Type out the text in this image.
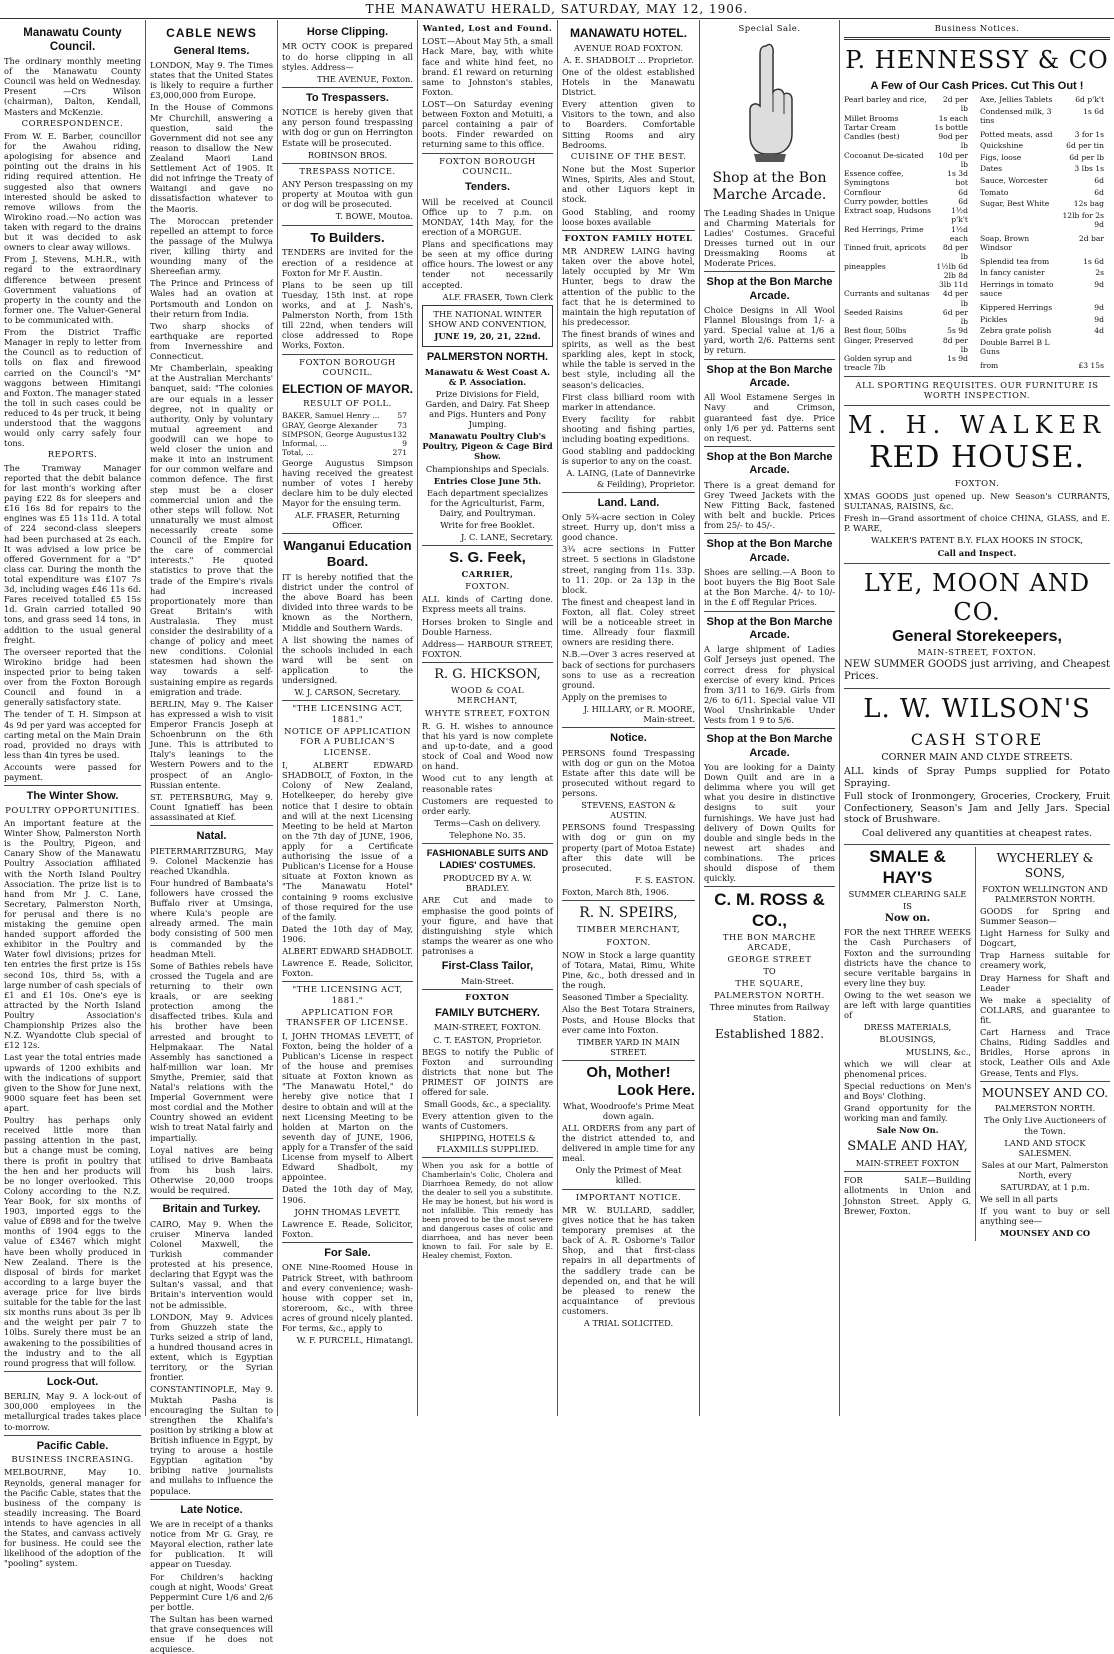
THE MANAWATU HERALD, SATURDAY, MAY 12, 1906.
Manawatu County Council.

The ordinary monthly meeting of the Manawatu County Council was held on Wednesday. Present —Crs Wilson (chairman), Dalton, Kendall, Masters and McKenzie.

CORRESPONDENCE.

From W. E. Barber, councillor for the Awahou riding, apologising for absence and pointing out the drains in his riding required attention. He suggested also that owners interested should be asked to remove willows from the Wirokino road.—No action was taken with regard to the drains but it was decided to ask owners to clear away willows.

From J. Stevens, M.H.R., with regard to the extraordinary difference between present Government valuations of property in the county and the former one. The Valuer-General to be communicated with.

From the District Traffic Manager in reply to letter from the Council as to reduction of tolls on flax and firewood carried on the Council's "M" waggons between Himitangi and Foxton. The manager stated the toll in such cases could be reduced to 4s per truck, it being understood that the waggons would only carry safely four tons.

REPORTS.

The Tramway Manager reported that the debit balance for last month's working after paying £22 8s for sleepers and £16 16s 8d for repairs to the engines was £5 11s 11d. A total of 224 second-class sleepers had been purchased at 2s each. It was advised a low price be offered Government for a "D" class car. During the month the total expenditure was £107 7s 3d, including wages £46 11s 6d. Fares received totalled £5 15s 1d. Grain carried totalled 90 tons, and grass seed 14 tons, in addition to the usual general freight.

The overseer reported that the Wirokino bridge had been inspected prior to being taken over from the Foxton Borough Council and found in a generally satisfactory state.

The tender of T. H. Simpson at 4s 9d per yard was accepted for carting metal on the Main Drain road, provided no drays with less than 4in tyres be used.

Accounts were passed for payment.

The Winter Show.
POULTRY OPPORTUNITIES.

An important feature at the Winter Show, Palmerston North is the Poultry, Pigeon, and Canary Show of the Manawatu Poultry Association affiliated with the North Island Poultry Association. The prize list is to hand from Mr J. C. Lane, Secretary, Palmerston North, for perusal and there is no mistaking the genuine open handed support afforded the exhibitor in the Poultry and Water fowl divisions; prizes for ten entries the first prize is 15s second 10s, third 5s, with a large number of cash specials of £1 and £1 10s. One's eye is attracted by the North Island Poultry Association's Championship Prizes also the N.Z. Wyandotte Club special of £12 12s.

Last year the total entries made upwards of 1200 exhibits and with the indications of support given to the Show for June next, 9000 square feet has been set apart.

Poultry has perhaps only received little more than passing attention in the past, but a change must be coming, there is profit in poultry that the hen and her products will be no longer overlooked. This Colony according to the N.Z. Year Book, for six months of 1903, imported eggs to the value of £898 and for the twelve months of 1904 eggs to the value of £3467 which might have been wholly produced in New Zealand. There is the disposal of birds for market according to a large buyer the average price for live birds suitable for the table for the last six months runs about 3s per lb and the weight per pair 7 to 10lbs. Surely there must be an awakening to the possibilities of the industry and to the all round progress that will follow.

Lock-Out.

BERLIN, May 9. A lock-out of 300,000 employees in the metallurgical trades takes place to-morrow.

Pacific Cable.
BUSINESS INCREASING.

MELBOURNE, May 10. Reynolds, general manager for the Pacific Cable, states that the business of the company is steadily increasing. The Board intends to have agencies in all the States, and canvass actively for business. He could see the likelihood of the adoption of the "pooling" system.

CABLE NEWS
General Items.

LONDON, May 9. The Times states that the United States is likely to require a further £3,000,000 from Europe.

In the House of Commons Mr Churchill, answering a question, said the Government did not see any reason to disallow the New Zealand Maori Land Settlement Act of 1905. It did not infringe the Treaty of Waitangi and gave no dissatisfaction whatever to the Maoris.

The Moroccan pretender repelled an attempt to force the passage of the Mulwya river, killing thirty and wounding many of the Shereefian army.

The Prince and Princess of Wales had an ovation at Portsmouth and London on their return from India.

Two sharp shocks of earthquake are reported from Invernesshire and Connecticut.

Mr Chamberlain, speaking at the Australian Merchants' banquet, said: "The colonies are our equals in a lesser degree, not in quality or authority. Only by voluntary mutual agreement and goodwill can we hope to weld closer the union and make it into an instrument for our common welfare and common defence. The first step must be a closer commercial union and the other steps will follow. Not unnaturally we must almost necessarily create some Council of the Empire for the care of commercial interests." He quoted statistics to prove that the trade of the Empire's rivals had increased proportionately more than Great Britain's with Australasia. They must consider the desirability of a change of policy and meet new conditions. Colonial statesmen had shown the way towards a self-sustaining empire as regards emigration and trade.

BERLIN, May 9. The Kaiser has expressed a wish to visit Emperor Francis Joseph at Schoenbrunn on the 6th June. This is attributed to Italy's leanings to the Western Powers and to the prospect of an Anglo-Russian entente.

ST. PETERSBURG, May 9. Count Ignatieff has been assassinated at Kief.

Natal.

PIETERMARITZBURG, May 9. Colonel Mackenzie has reached Ukandhla.

Four hundred of Bambaata's followers have crossed the Buffalo river at Umsinga, where Kula's people are already armed. The main body consisting of 500 men is commanded by the headman Mteli.

Some of Bathies rebels have crossed the Tugela and are returning to their own kraals, or are seeking protection among the disaffected tribes. Kula and his brother have been arrested and brought to Helpmakaar. The Natal Assembly has sanctioned a half-million war loan. Mr Smythe, Premier, said that Natal's relations with the Imperial Government were most cordial and the Mother Country showed an evident wish to treat Natal fairly and impartially.

Loyal natives are being utilised to drive Bambaata from his bush lairs. Otherwise 20,000 troops would be required.

Britain and Turkey.

CAIRO, May 9. When the cruiser Minerva landed Colonel Maxwell, the Turkish commander protested at his presence, declaring that Egypt was the Sultan's vassal, and that Britain's intervention would not be admissible.

LONDON, May 9. Advices from Ghuzzeh state the Turks seized a strip of land, a hundred thousand acres in extent, which is Egyptian territory, or the Syrian frontier.

CONSTANTINOPLE, May 9. Muktah Pasha is encouraging the Sultan to strengthen the Khalifa's position by striking a blow at British influence in Egypt, by trying to arouse a hostile Egyptian agitation "by bribing native journalists and mullahs to influence the populace.

Late Notice.

We are in receipt of a thanks notice from Mr G. Gray, re Mayoral election, rather late for publication. It will appear on Tuesday.

For Children's hacking cough at night, Woods' Great Peppermint Cure 1/6 and 2/6 per bottle.

The Sultan has been warned that grave consequences will ensue if he does not acquiesce.

Horse Clipping.

MR OCTY COOK is prepared to do horse clipping in all styles. Address—

THE AVENUE, Foxton.

To Trespassers.

NOTICE is hereby given that any person found trespassing with dog or gun on Herrington Estate will be prosecuted.

ROBINSON BROS.

TRESPASS NOTICE.

ANY Person trespassing on my property at Moutoa with gun or dog will be prosecuted.

T. BOWE, Moutoa.

To Builders.

TENDERS are invited for the erection of a residence at Foxton for Mr F. Austin.

Plans to be seen up till Tuesday, 15th inst. at rope works, and at J. Nash's, Palmerston North, from 15th till 22nd, when tenders will close addressed to Rope Works, Foxton.

FOXTON BOROUGH COUNCIL.
ELECTION OF MAYOR.
RESULT OF POLL.
BAKER, Samuel Henry ...	57
GRAY, George Alexander	73
SIMPSON, George Augustus	132
Informal, ...	9
Total, ...	271

George Augustus Simpson having received the greatest number of votes I hereby declare him to be duly elected Mayor for the ensuing term.

ALF. FRASER, Returning Officer.

Wanganui Education Board.

IT is hereby notified that the district under the control of the above Board has been divided into three wards to be known as the Northern, Middle and Southern Wards.

A list showing the names of the schools included in each ward will be sent on application to the undersigned.

W. J. CARSON, Secretary.

"THE LICENSING ACT, 1881."
NOTICE OF APPLICATION FOR A PUBLICAN'S LICENSE.

I, ALBERT EDWARD SHADBOLT, of Foxton, in the Colony of New Zealand, Hotelkeeper, do hereby give notice that I desire to obtain and will at the next Licensing Meeting to be held at Marton on the 7th day of JUNE, 1906, apply for a Certificate authorising the issue of a Publican's License for a House situate at Foxton known as "The Manawatu Hotel" containing 9 rooms exclusive of those required for the use of the family.

Dated the 10th day of May, 1906.

ALBERT EDWARD SHADBOLT.

Lawrence E. Reade, Solicitor, Foxton.

"THE LICENSING ACT, 1881."
APPLICATION FOR TRANSFER OF LICENSE.

I, JOHN THOMAS LEVETT, of Foxton, being the holder of a Publican's License in respect of the house and premises situate at Foxton known as "The Manawatu Hotel," do hereby give notice that I desire to obtain and will at the next Licensing Meeting to be holden at Marton on the seventh day of JUNE, 1906, apply for a Transfer of the said License from myself to Albert Edward Shadbolt, my appointee.

Dated the 10th day of May, 1906.

JOHN THOMAS LEVETT.

Lawrence E. Reade, Solicitor, Foxton.

For Sale.

ONE Nine-Roomed House in Patrick Street, with bathroom and every convenience; wash-house with copper set in, storeroom, &c., with three acres of ground nicely planted. For terms, &c., apply to

W. F. PURCELL, Himatangi.

Wanted, Lost and Found.

LOST.—About May 5th, a small Hack Mare, bay, with white face and white hind feet, no brand. £1 reward on returning same to Johnston's stables, Foxton.

LOST—On Saturday evening between Foxton and Motuiti, a parcel containing a pair of boots. Finder rewarded on returning same to this office.

FOXTON BOROUGH COUNCIL.
Tenders.

Will be received at Council Office up to 7 p.m. on MONDAY, 14th May, for the erection of a MORGUE.

Plans and specifications may be seen at my office during office hours. The lowest or any tender not necessarily accepted.

ALF. FRASER, Town Clerk

THE NATIONAL WINTER SHOW AND CONVENTION,

JUNE 19, 20, 21, 22nd.

PALMERSTON NORTH.

Manawatu & West Coast A. & P. Association.

Prize Divisions for Field, Garden, and Dairy. Fat Sheep and Pigs. Hunters and Pony Jumping.

Manawatu Poultry Club's Poultry, Pigeon & Cage Bird Show.

Championships and Specials.

Entries Close June 5th.

Each department specializes for the Agriculturist, Farm, Dairy, and Poultryman.

Write for free Booklet.

J. C. LANE, Secretary.

S. G. Feek,
CARRIER,
FOXTON.

ALL kinds of Carting done. Express meets all trains.

Horses broken to Single and Double Harness.

Address— HARBOUR STREET, FOXTON.

R. G. HICKSON,
WOOD & COAL MERCHANT,
WHYTE STREET, FOXTON

R. G. H. wishes to announce that his yard is now complete and up-to-date, and a good stock of Coal and Wood now on hand.

Wood cut to any length at reasonable rates

Customers are requested to order early.

Terms—Cash on delivery.

Telephone No. 35.

FASHIONABLE SUITS AND LADIES' COSTUMES.

PRODUCED BY A. W. BRADLEY.

ARE Cut and made to emphasise the good points of your figure, and have that distinguishing style which stamps the wearer as one who patronises a

First-Class Tailor,

Main-Street.

FOXTON
FAMILY BUTCHERY.

MAIN-STREET, FOXTON.

C. T. EASTON, Proprietor.

BEGS to notify the Public of Foxton and surrounding districts that none but The PRIMEST OF JOINTS are offered for sale.

Small Goods, &c., a speciality.

Every attention given to the wants of Customers.

SHIPPING, HOTELS & FLAXMILLS SUPPLIED.

When you ask for a bottle of Chamberlain's Colic, Cholera and Diarrhoea Remedy, do not allow the dealer to sell you a substitute. He may be honest, but his word is not infallible. This remedy has been proved to be the most severe and dangerous cases of colic and diarrhoea, and has never been known to fail. For sale by E. Healey chemist, Foxton.

MANAWATU HOTEL.

AVENUE ROAD FOXTON.

A. E. SHADBOLT ... Proprietor.

One of the oldest established Hotels in the Manawatu District.

Every attention given to Visitors to the town, and also to Boarders. Comfortable Sitting Rooms and airy Bedrooms.

CUISINE OF THE BEST.

None but the Most Superior Wines, Spirits, Ales and Stout, and other Liquors kept in stock.

Good Stabling, and roomy loose boxes available

FOXTON FAMILY HOTEL

MR ANDREW LAING having taken over the above hotel, lately occupied by Mr Wm Hunter, begs to draw the attention of the public to the fact that he is determined to maintain the high reputation of his predecessor.

The finest brands of wines and spirits, as well as the best sparkling ales, kept in stock, while the table is served in the best style, including all the season's delicacies.

First class billiard room with marker in attendance.

Every facility for rabbit shooting and fishing parties, including boating expeditions.

Good stabling and paddocking is superior to any on the coast.

A. LAING, (Late of Dannevirke & Feilding), Proprietor.

Land. Land.

Only 5¾-acre section in Coley street. Hurry up, don't miss a good chance.

3¾ acre sections in Futter street. 5 sections in Gladstone street, ranging from 11s. 33p. to 11. 20p. or 2a 13p in the block.

The finest and cheapest land in Foxton, all flat. Coley street will be a noticeable street in time. Allready four flaxmill owners are residing there.

N.B.—Over 3 acres reserved at back of sections for purchasers sons to use as a recreation ground.

Apply on the premises to

J. HILLARY, or R. MOORE, Main-street.

Notice.

PERSONS found Trespassing with dog or gun on the Motoa Estate after this date will be prosecuted without regard to persons.

STEVENS, EASTON & AUSTIN.

PERSONS found Trespassing with dog or gun on my property (part of Motoa Estate) after this date will be prosecuted.

F. S. EASTON.

Foxton, March 8th, 1906.

R. N. SPEIRS,
TIMBER MERCHANT,
FOXTON.

NOW in Stock a large quantity of Totara, Matai, Rimu, White Pine, &c., both dressed and in the rough.

Seasoned Timber a Speciality.

Also the Best Totara Strainers, Posts, and House Blocks that ever came into Foxton.

TIMBER YARD IN MAIN STREET.

Oh, Mother!
Look Here.

What, Woodroofe's Prime Meat down again.

ALL ORDERS from any part of the district attended to, and delivered in ample time for any meal.

Only the Primest of Meat killed.

IMPORTANT NOTICE.

MR W. BULLARD, saddler, gives notice that he has taken temporary premises at the back of A. R. Osborne's Tailor Shop, and that first-class repairs in all departments of the saddlery trade can be depended on, and that he will be pleased to renew the acquaintance of previous customers.

A TRIAL SOLICITED.

Special Sale.
Shop at the Bon Marche Arcade.

The Leading Shades in Unique and Charming Materials for Ladies' Costumes. Graceful Dresses turned out in our Dressmaking Rooms at Moderate Prices.

Shop at the Bon Marche Arcade.

Choice Designs in All Wool Flannel Blousings from 1/- a yard. Special value at 1/6 a yard, worth 2/6. Patterns sent by return.

Shop at the Bon Marche Arcade.

All Wool Estamene Serges in Navy and Crimson, guaranteed fast dye. Price only 1/6 per yd. Patterns sent on request.

Shop at the Bon Marche Arcade.

There is a great demand for Grey Tweed Jackets with the New Fitting Back, fastened with belt and buckle. Prices from 25/- to 45/-.

Shop at the Bon Marche Arcade.

Shoes are selling.—A Boon to boot buyers the Big Boot Sale at the Bon Marche. 4/- to 10/- in the £ off Regular Prices.

Shop at the Bon Marche Arcade.

A large shipment of Ladies Golf Jerseys just opened. The correct dress for physical exercise of every kind. Prices from 3/11 to 16/9. Girls from 2/6 to 6/11. Special value VII Wool Unshrinkable Under Vests from 1 9 to 5/6.

Shop at the Bon Marche Arcade.

You are looking for a Dainty Down Quilt and are in a delimma where you will get what you desire in distinctive designs to suit your furnishings. We have just had delivery of Down Quilts for double and single beds in the newest art shades and combinations. The prices should dispose of them quickly.

C. M. ROSS & CO.,

THE BON MARCHE ARCADE,

GEORGE STREET

TO

THE SQUARE,

PALMERSTON NORTH.

Three minutes from Railway Station.

Established 1882.
Business Notices.
P. HENNESSY & CO
A Few of Our Cash Prices. Cut This Out !
Pearl barley and rice,	2d per lb
Millet Brooms	1s each
Tartar Cream	1s bottle
Candles (best)	9od per lb
Cocoanut De-sicated	10d per lb
Essence coffee, Symingtons	1s 3d bot
Cornflour	6d
Curry powder, bottles	6d
Extract soap, Hudsons	1½d p'k't
Red Herrings, Prime	1½d each
Tinned fruit, apricots	8d per lb
pineapples	1½lb 6d
	2lb 8d
	3lb 11d
Currants and sultanas	4d per lb
Seeded Raisins	6d per lb
Best flour, 50lbs	5s 9d
Ginger, Preserved	8d per lb
Golden syrup and treacle 7lb	1s 9d
Axe, Jellies Tablets	6d p'k't
Condensed milk, 3 tins	1s 6d
Potted meats, assd	3 for 1s
Quickshine	6d per tin
Figs, loose	6d per lb
Dates	3 lbs 1s
Sauce, Worcester	6d
Tomato	6d
Sugar, Best White	12s bag
	12lb for 2s 9d
Soap, Brown Windsor	2d bar
Splendid tea from	1s 6d
In fancy canister	2s
Herrings in tomato sauce	9d
Kippered Herrings	9d
Pickles	9d
Zebra grate polish	4d
Double Barrel B L Guns	
from	£3 15s

ALL SPORTING REQUISITES. OUR FURNITURE IS WORTH INSPECTION.

M. H. WALKER
RED HOUSE.
FOXTON.

XMAS GOODS just opened up. New Season's CURRANTS, SULTANAS, RAISINS, &c.

Fresh in—Grand assortment of choice CHINA, GLASS, and E. P. WARE,

WALKER'S PATENT B.Y. FLAX HOOKS IN STOCK,

Call and Inspect.

LYE, MOON AND CO.
General Storekeepers,

MAIN-STREET, FOXTON.

NEW SUMMER GOODS just arriving, and Cheapest Prices.

L. W. WILSON'S
CASH STORE

CORNER MAIN AND CLYDE STREETS.

ALL kinds of Spray Pumps supplied for Potato Spraying.

Full stock of Ironmongery, Groceries, Crockery, Fruit Confectionery, Season's Jam and Jelly Jars. Special stock of Brushware.

Coal delivered any quantities at cheapest rates.

SMALE & HAY'S

SUMMER CLEARING SALE

IS

Now on.

FOR the next THREE WEEKS the Cash Purchasers of Foxton and the surrounding districts have the chance to secure veritable bargains in every line they buy.

Owing to the wet season we are left with large quantities of

DRESS MATERIALS,

BLOUSINGS,

MUSLINS, &c.,

which we will clear at phenomenal prices.

Special reductions on Men's and Boys' Clothing.

Grand opportunity for the working man and family.

Sale Now On.

SMALE AND HAY,

MAIN-STREET FOXTON

FOR SALE—Building allotments in Union and Johnston Street. Apply G. Brewer, Foxton.

WYCHERLEY & SONS,

FOXTON WELLINGTON AND PALMERSTON NORTH.

GOODS for Spring and Summer Season—

Light Harness for Sulky and Dogcart,

Trap Harness suitable for creamery work,

Dray Harness for Shaft and Leader

We make a speciality of COLLARS, and guarantee to fit.

Cart Harness and Trace Chains, Riding Saddles and Bridles, Horse aprons in stock, Leather Oils and Axle Grease, Tents and Flys.

MOUNSEY AND CO.

PALMERSTON NORTH.

The Only Live Auctioneers of the Town.

LAND AND STOCK SALESMEN.

Sales at our Mart, Palmerston North, every

SATURDAY, at 1 p.m.

We sell in all parts

If you want to buy or sell anything see—

MOUNSEY AND CO
